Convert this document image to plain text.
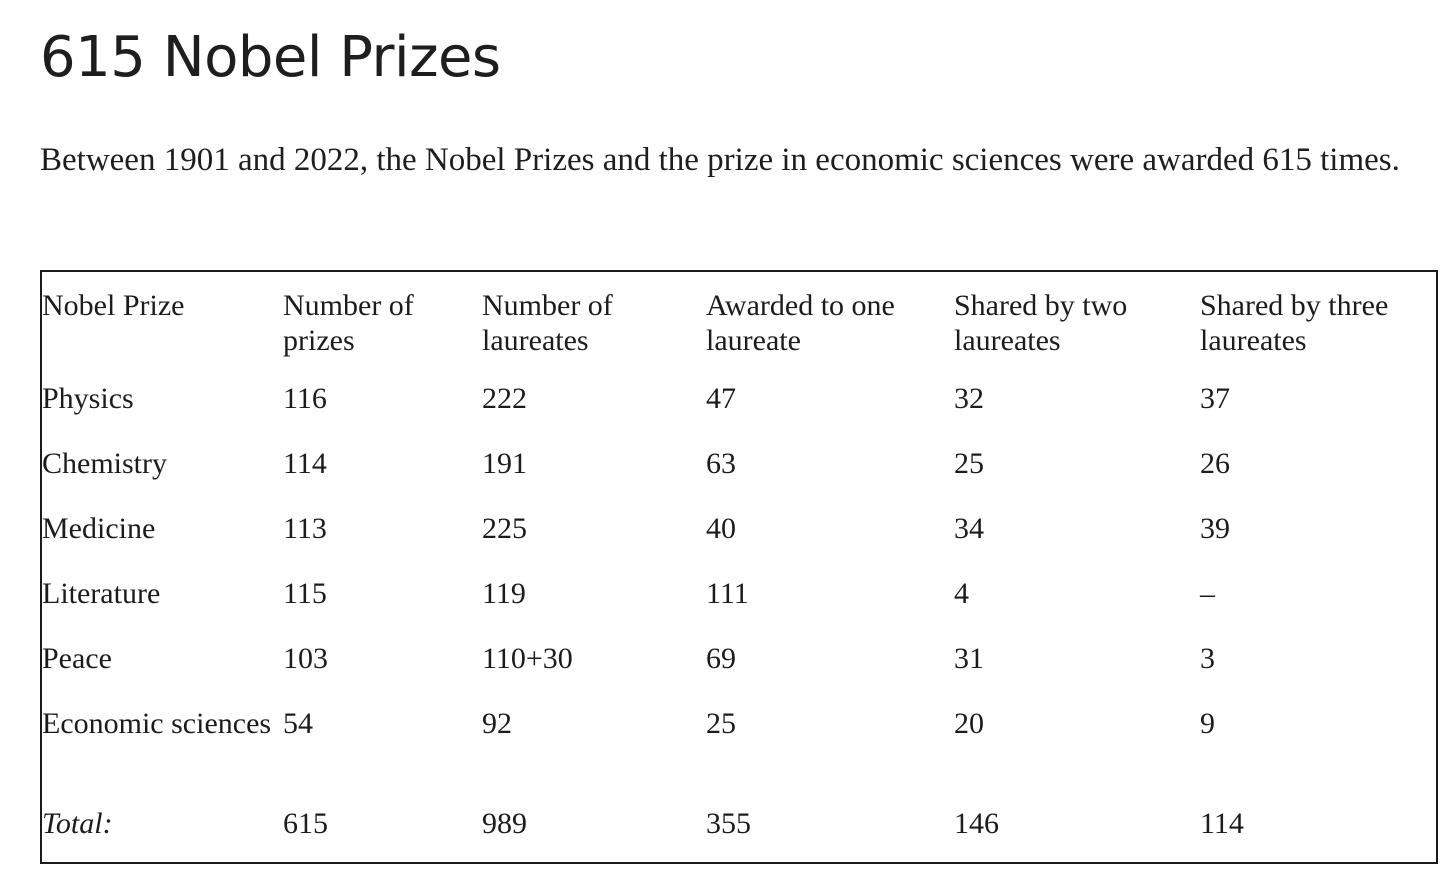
615 Nobel Prizes

Between 1901 and 2022, the Nobel Prizes and the prize in economic sciences were awarded 615 times.

Nobel Prize	Number of prizes	Number of laureates	Awarded to one laureate	Shared by two laureates	Shared by three laureates
Physics	116	222	47	32	37
Chemistry	114	191	63	25	26
Medicine	113	225	40	34	39
Literature	115	119	111	4	–
Peace	103	110+30	69	31	3
Economic sciences	54	92	25	20	9
Total:	615	989	355	146	114
